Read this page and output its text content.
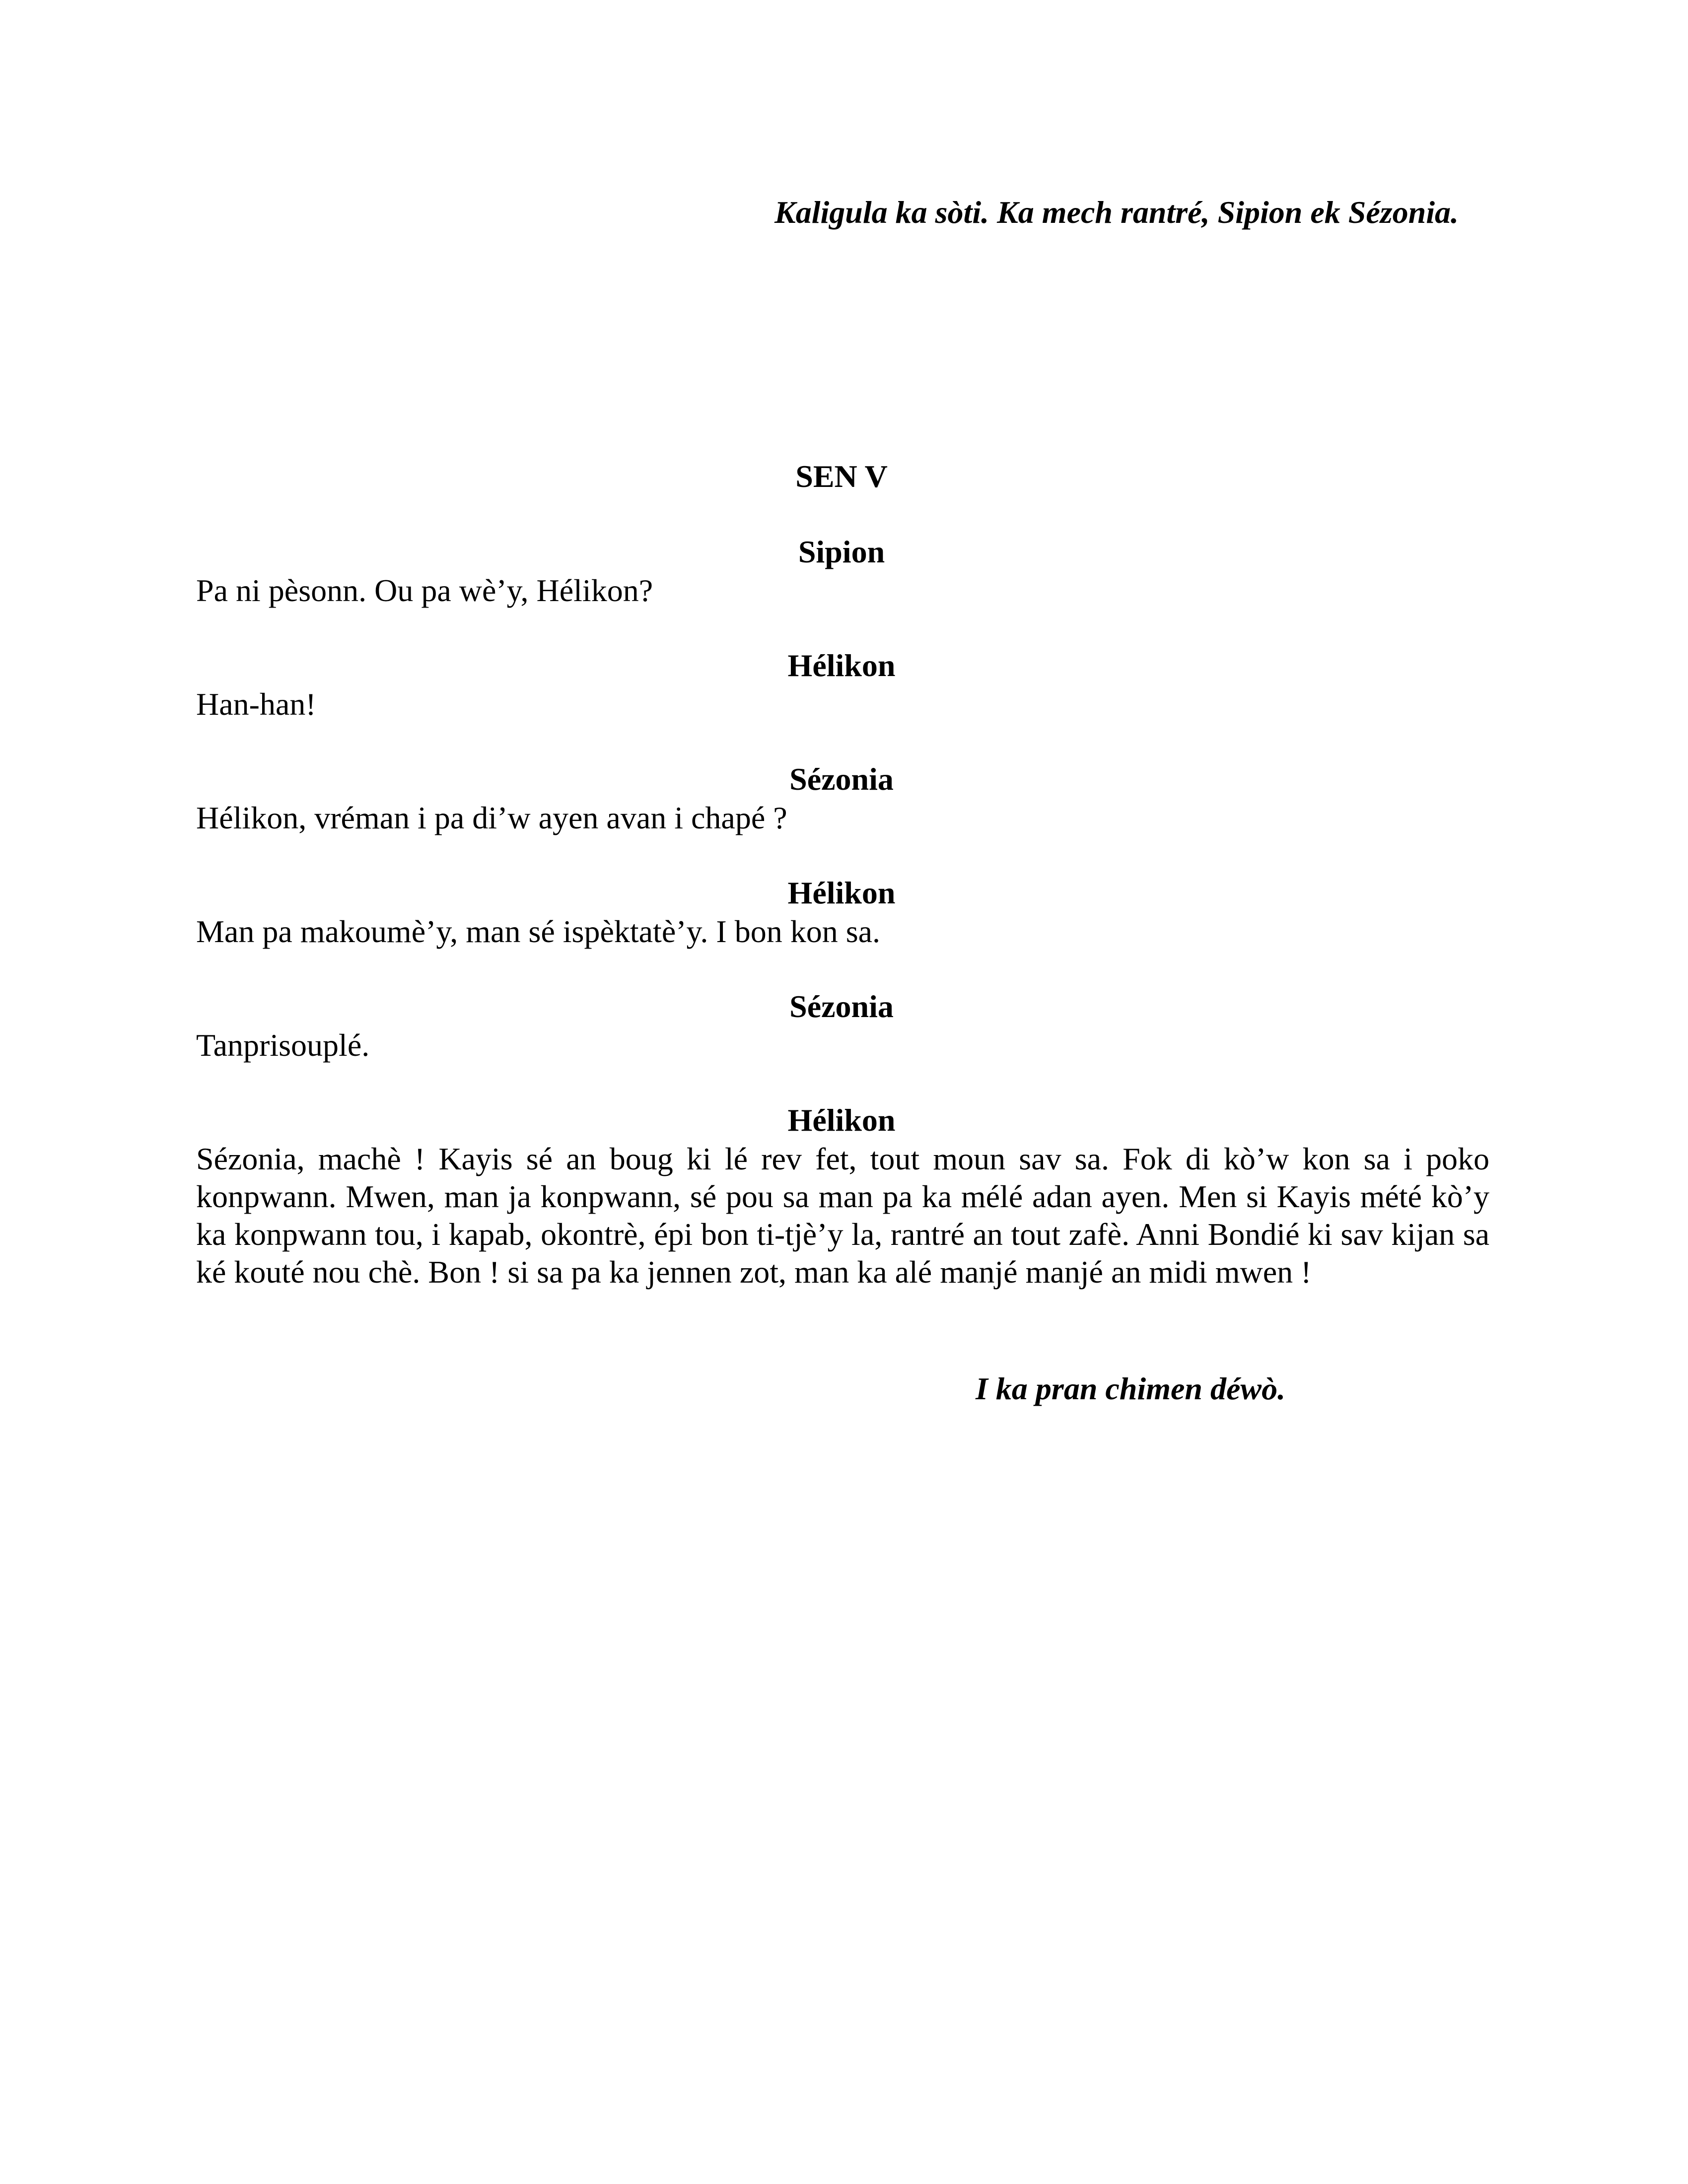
Kaligula ka sòti. Ka mech rantré, Sipion ek Sézonia.
SEN V
Sipion
Pa ni pèsonn. Ou pa wè’y, Hélikon?
Hélikon
Han-han!
Sézonia
Hélikon, vréman i pa di’w ayen avan i chapé ?
Hélikon
Man pa makoumè’y, man sé ispèktatè’y. I bon kon sa.
Sézonia
Tanprisouplé.
Hélikon
Sézonia, machè ! Kayis sé an boug ki lé rev fet, tout moun sav sa. Fok di kò’w kon sa i poko konpwann. Mwen, man ja konpwann, sé pou sa man pa ka mélé adan ayen. Men si Kayis mété kò’y ka konpwann tou, i kapab, okontrè, épi bon ti-tjè’y la, rantré an tout zafè. Anni Bondié ki sav kijan sa ké kouté nou chè. Bon ! si sa pa ka jennen zot, man ka alé manjé manjé an midi mwen !
I ka pran chimen déwò.
